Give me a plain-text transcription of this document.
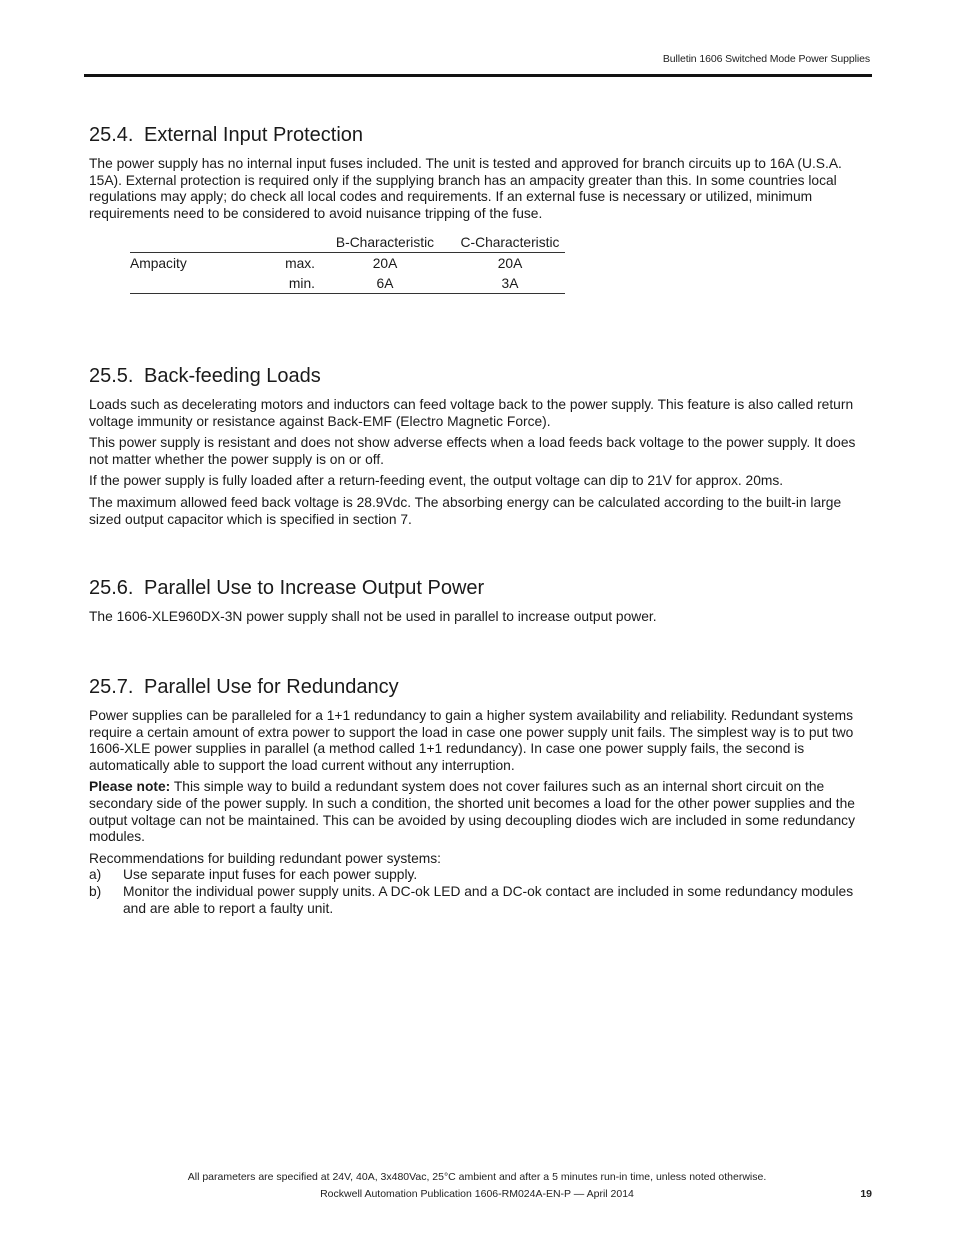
Bulletin 1606 Switched Mode Power Supplies
25.4. External Input Protection

The power supply has no internal input fuses included. The unit is tested and approved for branch circuits up to 16A (U.S.A. 15A). External protection is required only if the supplying branch has an ampacity greater than this. In some countries local regulations may apply; do check all local codes and requirements. If an external fuse is necessary or utilized, minimum requirements need to be considered to avoid nuisance tripping of the fuse.

		B-Characteristic	C-Characteristic
Ampacity	max.	20A	20A
	min.	6A	3A
25.5. Back-feeding Loads

Loads such as decelerating motors and inductors can feed voltage back to the power supply. This feature is also called return voltage immunity or resistance against Back-EMF (Electro Magnetic Force).

This power supply is resistant and does not show adverse effects when a load feeds back voltage to the power supply. It does not matter whether the power supply is on or off.

If the power supply is fully loaded after a return-feeding event, the output voltage can dip to 21V for approx. 20ms.

The maximum allowed feed back voltage is 28.9Vdc. The absorbing energy can be calculated according to the built-in large sized output capacitor which is specified in section 7.

25.6. Parallel Use to Increase Output Power

The 1606-XLE960DX-3N power supply shall not be used in parallel to increase output power.

25.7. Parallel Use for Redundancy

Power supplies can be paralleled for a 1+1 redundancy to gain a higher system availability and reliability. Redundant systems require a certain amount of extra power to support the load in case one power supply unit fails. The simplest way is to put two 1606-XLE power supplies in parallel (a method called 1+1 redundancy). In case one power supply fails, the second is automatically able to support the load current without any interruption.

Please note: This simple way to build a redundant system does not cover failures such as an internal short circuit on the secondary side of the power supply. In such a condition, the shorted unit becomes a load for the other power supplies and the output voltage can not be maintained. This can be avoided by using decoupling diodes wich are included in some redundancy modules.

Recommendations for building redundant power systems:

a)	Use separate input fuses for each power supply.
b)	Monitor the individual power supply units. A DC-ok LED and a DC-ok contact are included in some redundancy modules and are able to report a faulty unit.
All parameters are specified at 24V, 40A, 3x480Vac, 25°C ambient and after a 5 minutes run-in time, unless noted otherwise.
Rockwell Automation Publication 1606-RM024A-EN-P — April 2014	19
